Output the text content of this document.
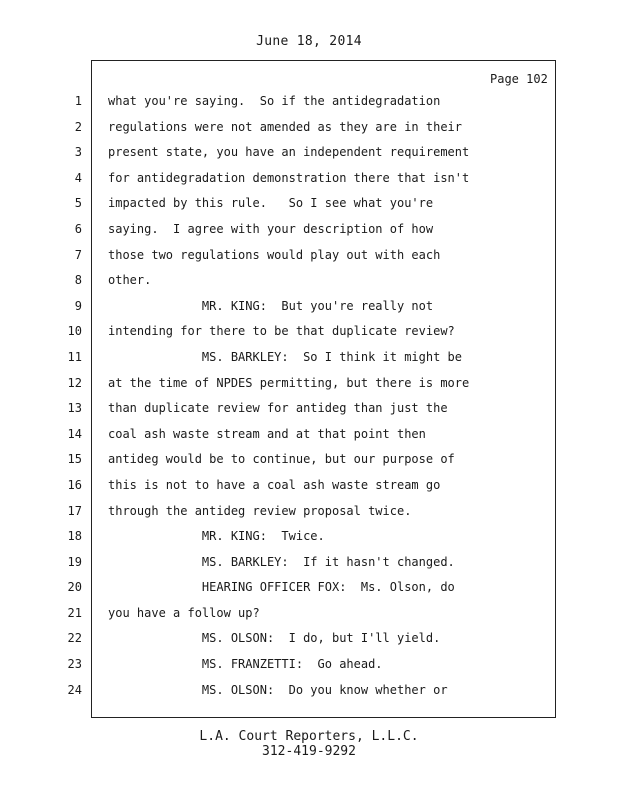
June 18, 2014
Page 102
1
2
3
4
5
6
7
8
9
10
11
12
13
14
15
16
17
18
19
20
21
22
23
24
what you're saying.  So if the antidegradation
regulations were not amended as they are in their
present state, you have an independent requirement
for antidegradation demonstration there that isn't
impacted by this rule.   So I see what you're
saying.  I agree with your description of how
those two regulations would play out with each
other.
MR. KING:  But you're really not
intending for there to be that duplicate review?
MS. BARKLEY:  So I think it might be
at the time of NPDES permitting, but there is more
than duplicate review for antideg than just the
coal ash waste stream and at that point then
antideg would be to continue, but our purpose of
this is not to have a coal ash waste stream go
through the antideg review proposal twice.
MR. KING:  Twice.
MS. BARKLEY:  If it hasn't changed.
HEARING OFFICER FOX:  Ms. Olson, do
you have a follow up?
MS. OLSON:  I do, but I'll yield.
MS. FRANZETTI:  Go ahead.
MS. OLSON:  Do you know whether or
L.A. Court Reporters, L.L.C.
312-419-9292
